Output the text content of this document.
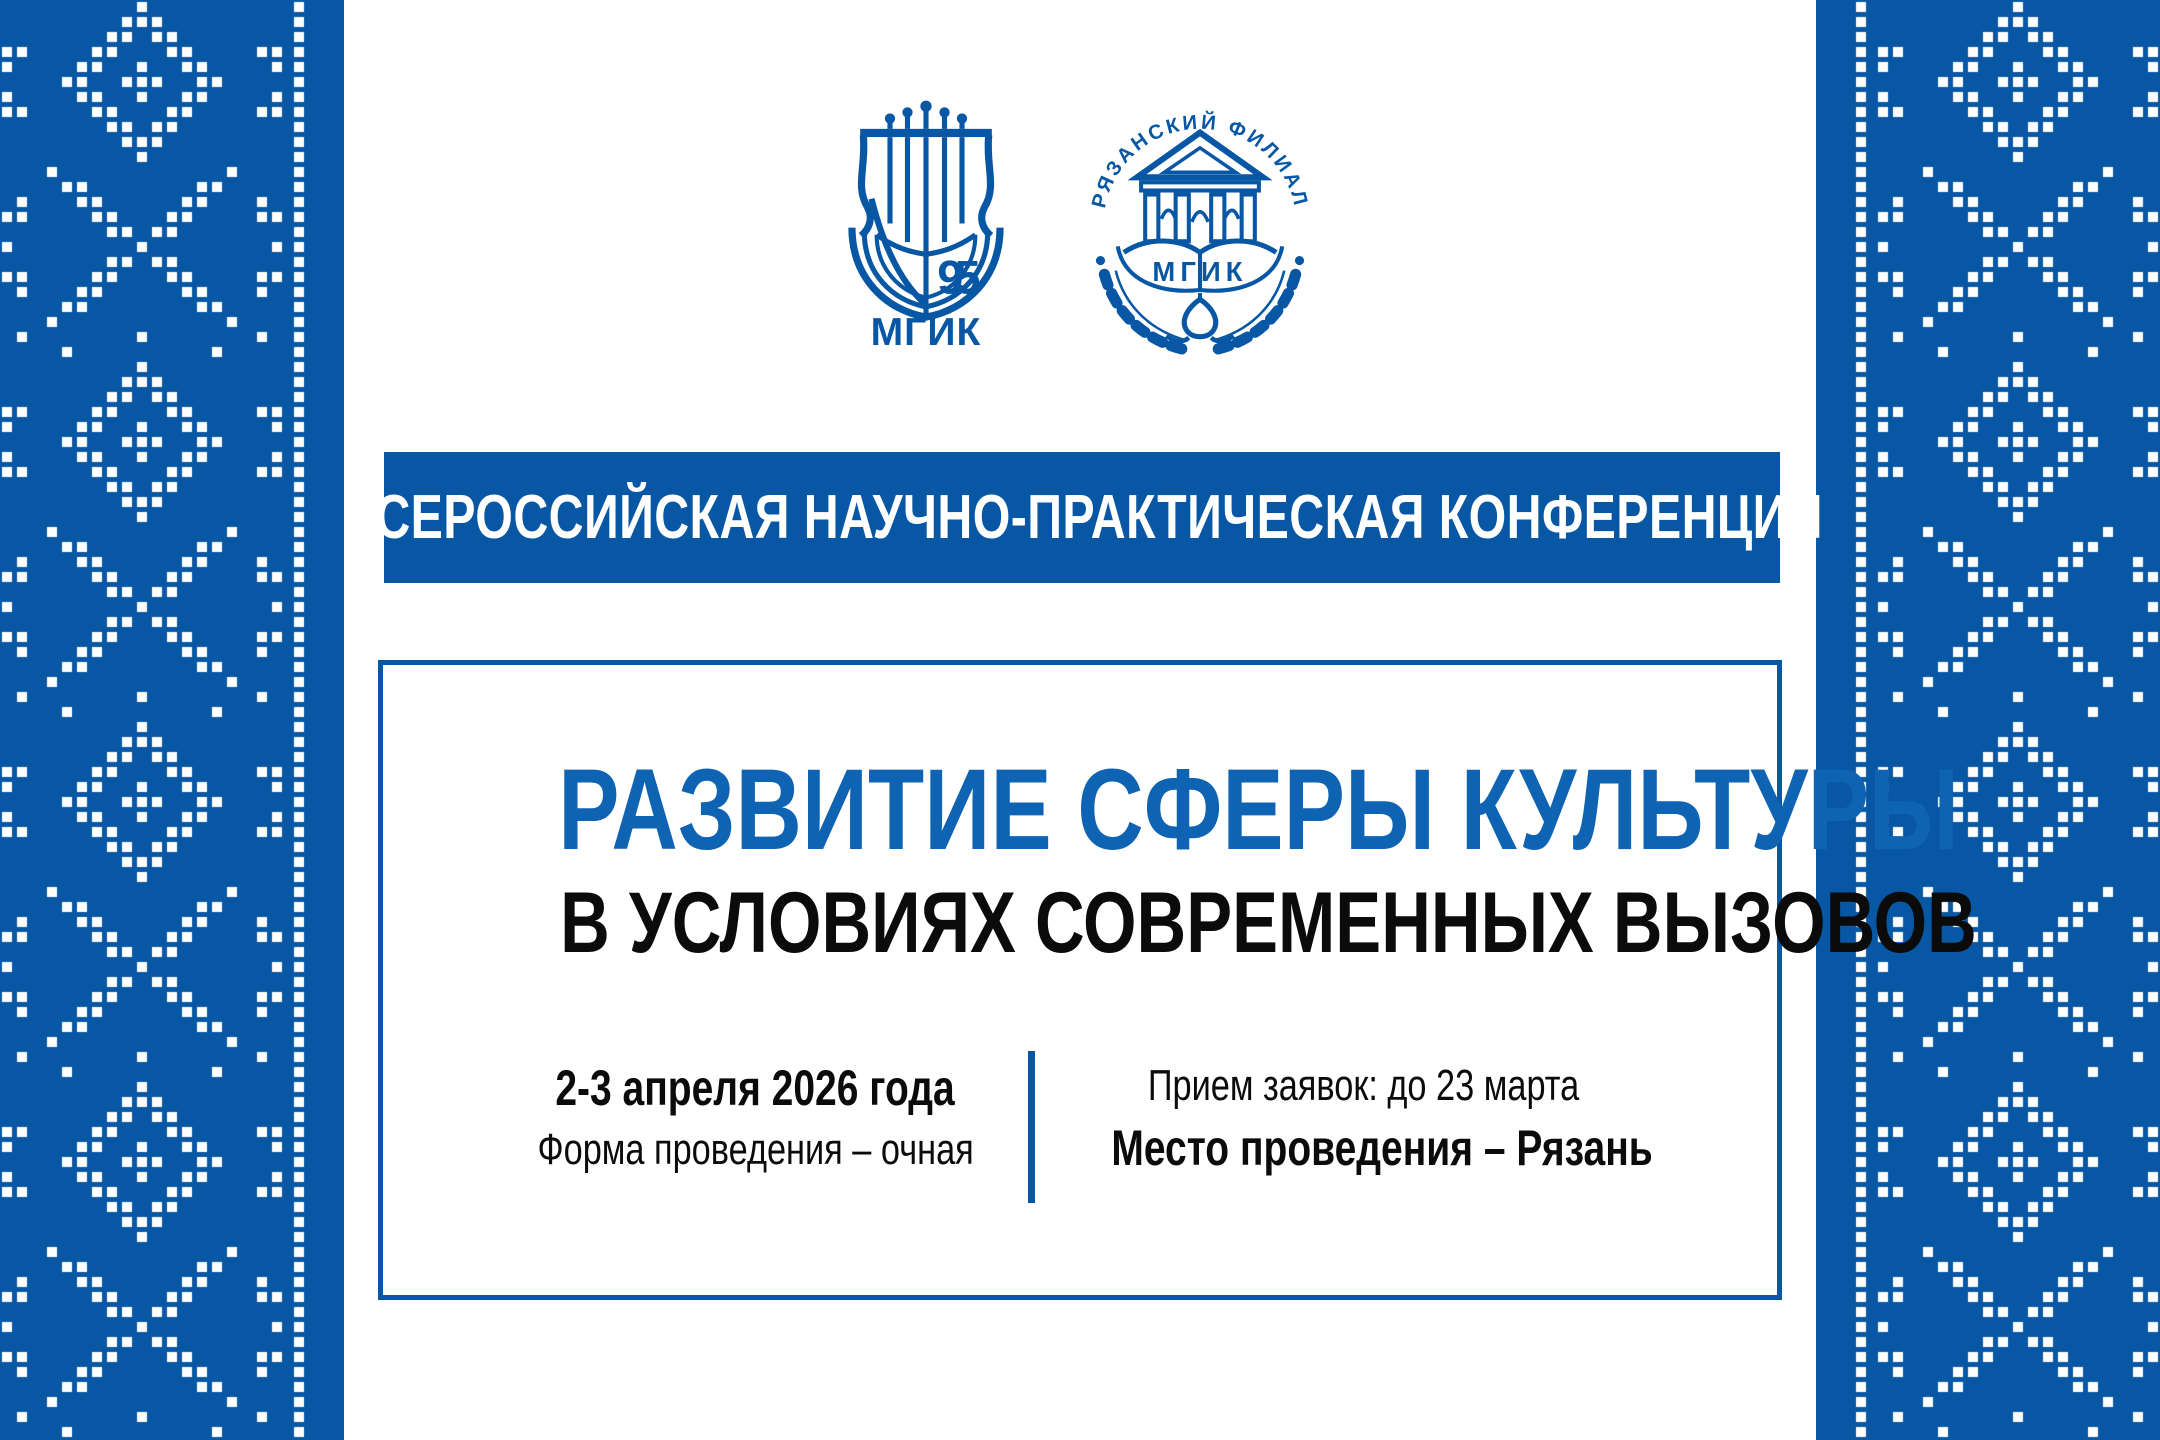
95
МГИК
РЯЗАНСКИЙ ФИЛИАЛ
МГИК
ВСЕРОССИЙСКАЯ НАУЧНО-ПРАКТИЧЕСКАЯ КОНФЕРЕНЦИЯ
РАЗВИТИЕ СФЕРЫ КУЛЬТУРЫ
В УСЛОВИЯХ СОВРЕМЕННЫХ ВЫЗОВОВ
2-3 апреля 2026 года
Форма проведения – очная
Прием заявок: до 23 марта
Место проведения – Рязань
